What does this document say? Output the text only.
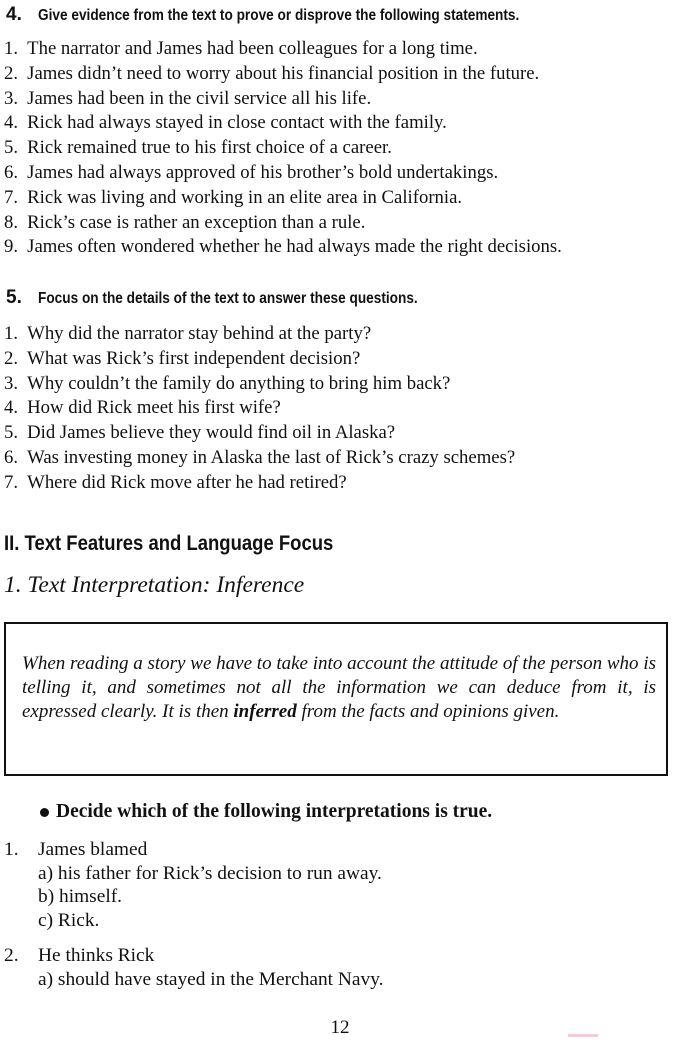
4.	Give evidence from the text to prove or disprove the following statements.
1. The narrator and James had been colleagues for a long time.
2. James didn’t need to worry about his financial position in the future.
3. James had been in the civil service all his life.
4. Rick had always stayed in close contact with the family.
5. Rick remained true to his first choice of a career.
6. James had always approved of his brother’s bold undertakings.
7. Rick was living and working in an elite area in California.
8. Rick’s case is rather an exception than a rule.
9. James often wondered whether he had always made the right decisions.
5.	Focus on the details of the text to answer these questions.
1. Why did the narrator stay behind at the party?
2. What was Rick’s first independent decision?
3. Why couldn’t the family do anything to bring him back?
4. How did Rick meet his first wife?
5. Did James believe they would find oil in Alaska?
6. Was investing money in Alaska the last of Rick’s crazy schemes?
7. Where did Rick move after he had retired?
II. Text Features and Language Focus
1. Text Interpretation: Inference

When reading a story we have to take into account the attitude of the person who is telling it, and sometimes not all the information we can deduce from it, is expressed clearly. It is then inferred from the facts and opinions given.

Decide which of the following interpretations is true.
1. James blamed
a) his father for Rick’s decision to run away.
b) himself.
c) Rick.
2. He thinks Rick
a) should have stayed in the Merchant Navy.
12
